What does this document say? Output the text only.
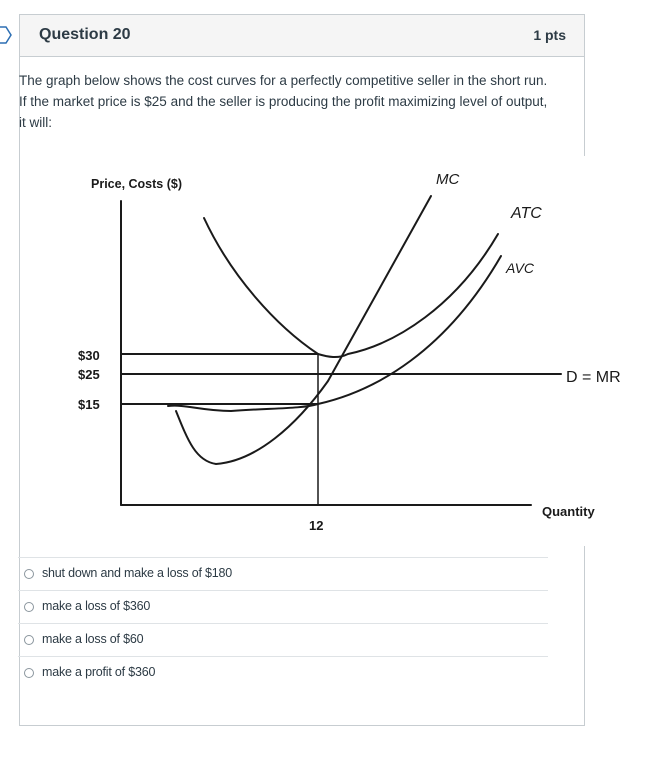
Question 20	1 pts
The graph below shows the cost curves for a perfectly competitive seller in the short run. If the market price is $25 and the seller is producing the profit maximizing level of output, it will:
Price, Costs ($)
$30
$25
$15
12
Quantity
MC
ATC
AVC
D = MR
shut down and make a loss of $180
make a loss of $360
make a loss of $60
make a profit of $360
